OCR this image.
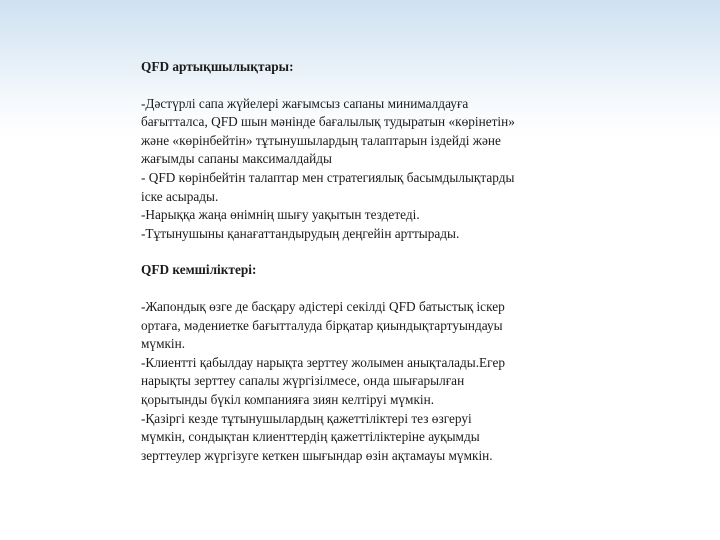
QFD артықшылықтары:

-Дәстүрлі сапа жүйелері жағымсыз сапаны минималдауға

бағытталса, QFD шын мәнінде бағалылық тудыратын «көрінетін»

және «көрінбейтін» тұтынушылардың талаптарын іздейді және

жағымды сапаны максималдайды

- QFD көрінбейтін талаптар мен стратегиялық басымдылықтарды

іске асырады.

-Нарыққа жаңа өнімнің шығу уақытын тездетеді.

-Тұтынушыны қанағаттандырудың деңгейін арттырады.

QFD кемшіліктері:

-Жапондық өзге де басқару әдістері секілді QFD батыстық іскер

ортаға, мәдениетке бағытталуда бірқатар қиындықтартуындауы

мүмкін.

-Клиентті қабылдау нарықта зерттеу жолымен анықталады.Егер

нарықты зерттеу сапалы жүргізілмесе, онда шығарылған

қорытынды бүкіл компанияға зиян келтіруі мүмкін.

-Қазіргі кезде тұтынушылардың қажеттіліктері тез өзгеруі

мүмкін, сондықтан клиенттердің қажеттіліктеріне ауқымды

зерттеулер жүргізуге кеткен шығындар өзін ақтамауы мүмкін.
